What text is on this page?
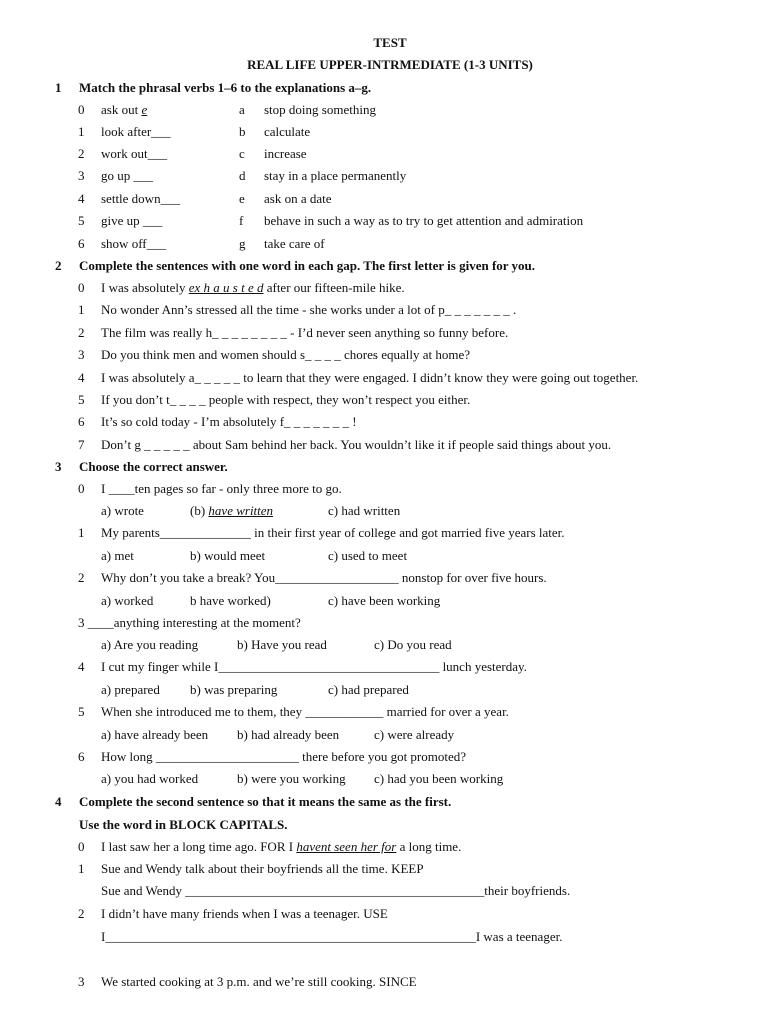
TEST
REAL LIFE UPPER-INTRMEDIATE (1-3 UNITS)
1 Match the phrasal verbs 1–6 to the explanations a–g.
0 ask out e	a stop doing something
1 look after___	b calculate
2 work out___	c increase
3 go up ___	d stay in a place permanently
4 settle down___	e ask on a date
5 give up ___	f behave in such a way as to try to get attention and admiration
6 show off___	g take care of
2 Complete the sentences with one word in each gap. The first letter is given for you.
0 I was absolutely ex h a u s t e d after our fifteen-mile hike.
1 No wonder Ann’s stressed all the time - she works under a lot of p_ _ _ _ _ _ _ .
2 The film was really h_ _ _ _ _ _ _ _ - I’d never seen anything so funny before.
3 Do you think men and women should s_ _ _ _ chores equally at home?
4 I was absolutely a_ _ _ _ _ to learn that they were engaged. I didn’t know they were going out together.
5 If you don’t t_ _ _ _ people with respect, they won’t respect you either.
6 It’s so cold today - I’m absolutely f_ _ _ _ _ _ _ !
7 Don’t g _ _ _ _ _ about Sam behind her back. You wouldn’t like it if people said things about you.
3 Choose the correct answer.
0 I ____ten pages so far - only three more to go.
a) wrote	(b) have written	c) had written
1 My parents______________ in their first year of college and got married five years later.
a) met	b) would meet	c) used to meet
2 Why don’t you take a break? You___________________ nonstop for over five hours.
a) worked	b have worked)	c) have been working
3 ____anything interesting at the moment?
a) Are you reading	b) Have you read	c) Do you read
4 I cut my finger while I__________________________________ lunch yesterday.
a) prepared b) was preparing	c) had prepared
5 When she introduced me to them, they ____________ married for over a year.
a) have already been b) had already been	c) were already
6 How long ______________________ there before you got promoted?
a) you had worked	b) were you working c) had you been working
4 Complete the second sentence so that it means the same as the first.
Use the word in BLOCK CAPITALS.
0 I last saw her a long time ago. FOR I havent seen her for a long time.
1 Sue and Wendy talk about their boyfriends all the time. KEEP
Sue and Wendy ______________________________________________their boyfriends.
2 I didn’t have many friends when I was a teenager. USE
I_________________________________________________________I was a teenager.
3 We started cooking at 3 p.m. and we’re still cooking. SINCE
